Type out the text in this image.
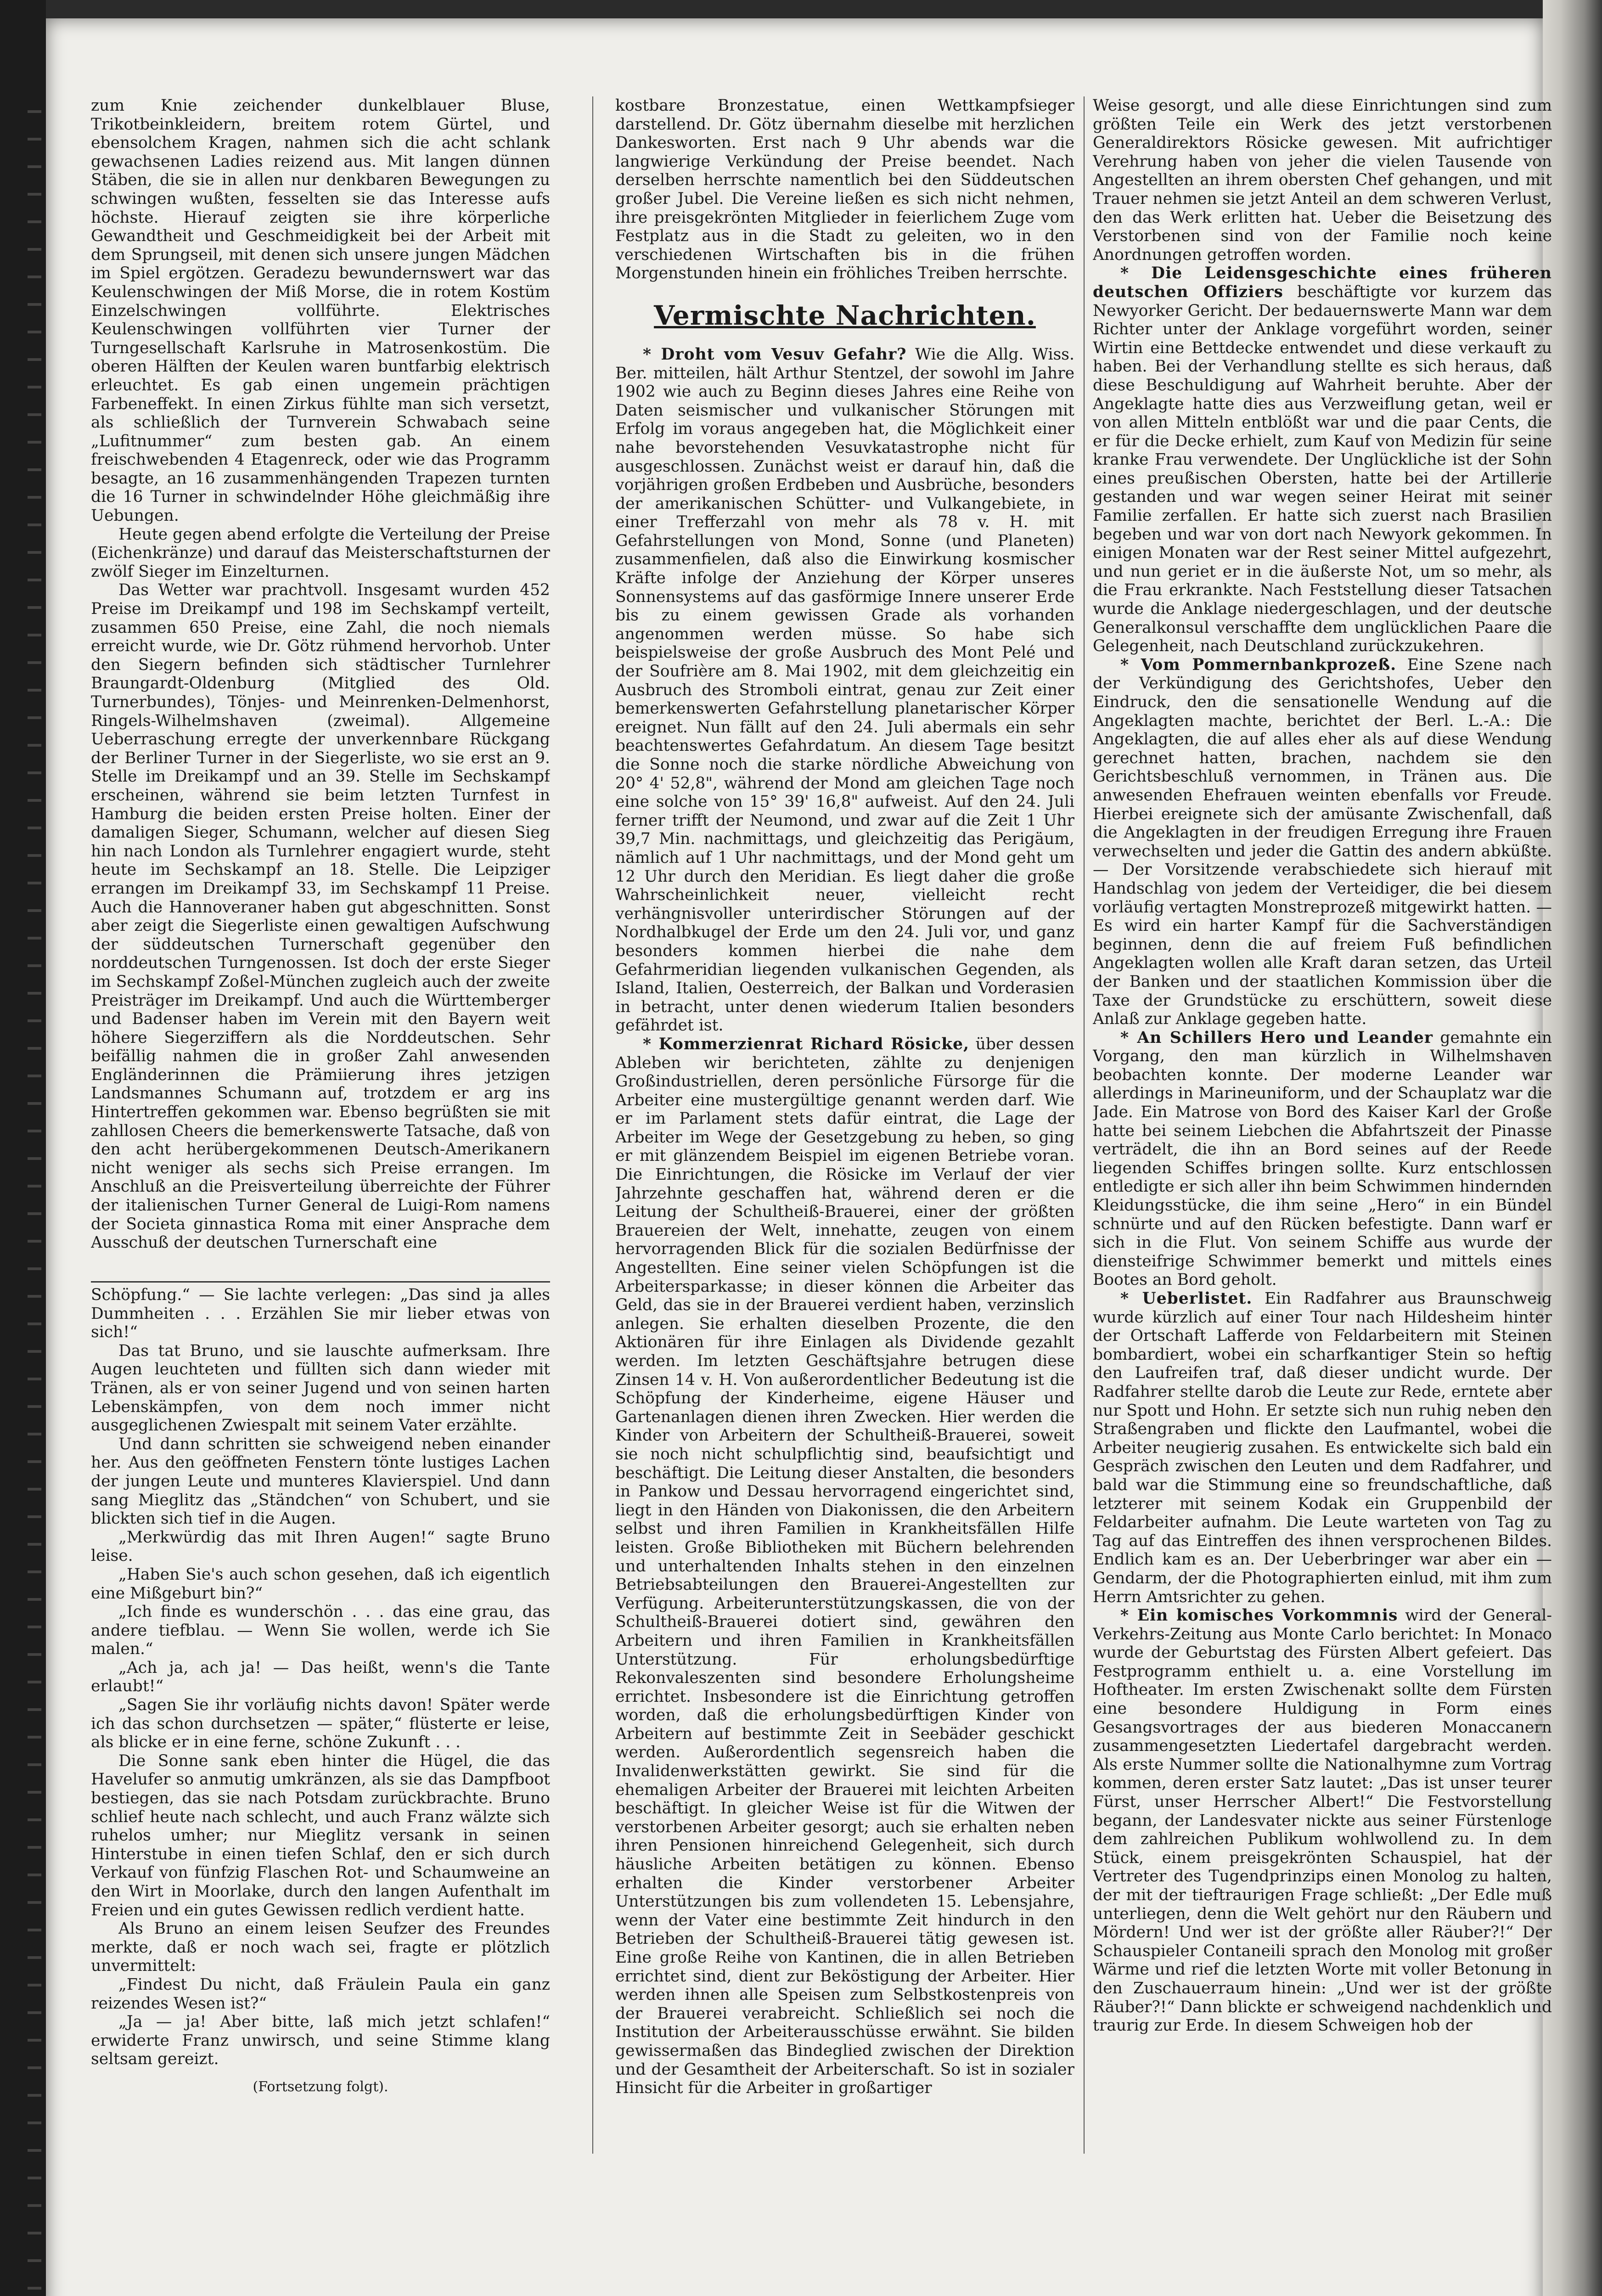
zum Knie zeichender dunkelblauer Bluse, Trikotbeinkleidern, breitem rotem Gürtel, und ebensolchem Kragen, nahmen sich die acht schlank gewachsenen Ladies reizend aus. Mit langen dünnen Stäben, die sie in allen nur denkbaren Bewegungen zu schwingen wußten, fesselten sie das Interesse aufs höchste. Hierauf zeigten sie ihre körperliche Gewandtheit und Geschmeidigkeit bei der Arbeit mit dem Sprungseil, mit denen sich unsere jungen Mädchen im Spiel ergötzen. Geradezu bewundernswert war das Keulenschwingen der Miß Morse, die in rotem Kostüm Einzelschwingen vollführte. Elektrisches Keulenschwingen vollführten vier Turner der Turngesellschaft Karlsruhe in Matrosenkostüm. Die oberen Hälften der Keulen waren buntfarbig elektrisch erleuchtet. Es gab einen ungemein prächtigen Farbeneffekt. In einen Zirkus fühlte man sich versetzt, als schließlich der Turnverein Schwabach seine „Lufitnummer“ zum besten gab. An einem freischwebenden 4 Etagenreck, oder wie das Programm besagte, an 16 zusammenhängenden Trapezen turnten die 16 Turner in schwindelnder Höhe gleichmäßig ihre Uebungen.

Heute gegen abend erfolgte die Verteilung der Preise (Eichenkränze) und darauf das Meisterschaftsturnen der zwölf Sieger im Einzelturnen.

Das Wetter war prachtvoll. Insgesamt wurden 452 Preise im Dreikampf und 198 im Sechskampf verteilt, zusammen 650 Preise, eine Zahl, die noch niemals erreicht wurde, wie Dr. Götz rühmend hervorhob. Unter den Siegern befinden sich städtischer Turnlehrer Braungardt-Oldenburg (Mitglied des Old. Turnerbundes), Tönjes- und Meinrenken-Delmenhorst, Ringels-Wilhelmshaven (zweimal). Allgemeine Ueberraschung erregte der unverkennbare Rückgang der Berliner Turner in der Siegerliste, wo sie erst an 9. Stelle im Dreikampf und an 39. Stelle im Sechskampf erscheinen, während sie beim letzten Turnfest in Hamburg die beiden ersten Preise holten. Einer der damaligen Sieger, Schumann, welcher auf diesen Sieg hin nach London als Turnlehrer engagiert wurde, steht heute im Sechskampf an 18. Stelle. Die Leipziger errangen im Dreikampf 33, im Sechskampf 11 Preise. Auch die Hannoveraner haben gut abgeschnitten. Sonst aber zeigt die Siegerliste einen gewaltigen Aufschwung der süddeutschen Turnerschaft gegenüber den norddeutschen Turngenossen. Ist doch der erste Sieger im Sechskampf Zoßel-München zugleich auch der zweite Preisträger im Dreikampf. Und auch die Württemberger und Badenser haben im Verein mit den Bayern weit höhere Siegerziffern als die Norddeutschen. Sehr beifällig nahmen die in großer Zahl anwesenden Engländerinnen die Prämiierung ihres jetzigen Landsmannes Schumann auf, trotzdem er arg ins Hintertreffen gekommen war. Ebenso begrüßten sie mit zahllosen Cheers die bemerkenswerte Tatsache, daß von den acht herübergekommenen Deutsch-Amerikanern nicht weniger als sechs sich Preise errangen. Im Anschluß an die Preisverteilung überreichte der Führer der italienischen Turner General de Luigi-Rom namens der Societa ginnastica Roma mit einer Ansprache dem Ausschuß der deutschen Turnerschaft eine

Schöpfung.“ — Sie lachte verlegen: „Das sind ja alles Dummheiten . . . Erzählen Sie mir lieber etwas von sich!“

Das tat Bruno, und sie lauschte aufmerksam. Ihre Augen leuchteten und füllten sich dann wieder mit Tränen, als er von seiner Jugend und von seinen harten Lebenskämpfen, von dem noch immer nicht ausgeglichenen Zwiespalt mit seinem Vater erzählte.

Und dann schritten sie schweigend neben einander her. Aus den geöffneten Fenstern tönte lustiges Lachen der jungen Leute und munteres Klavierspiel. Und dann sang Mieglitz das „Ständchen“ von Schubert, und sie blickten sich tief in die Augen.

„Merkwürdig das mit Ihren Augen!“ sagte Bruno leise.

„Haben Sie's auch schon gesehen, daß ich eigentlich eine Mißgeburt bin?“

„Ich finde es wunderschön . . . das eine grau, das andere tiefblau. — Wenn Sie wollen, werde ich Sie malen.“

„Ach ja, ach ja! — Das heißt, wenn's die Tante erlaubt!“

„Sagen Sie ihr vorläufig nichts davon! Später werde ich das schon durchsetzen — später,“ flüsterte er leise, als blicke er in eine ferne, schöne Zukunft . . .

Die Sonne sank eben hinter die Hügel, die das Havelufer so anmutig umkränzen, als sie das Dampfboot bestiegen, das sie nach Potsdam zurückbrachte. Bruno schlief heute nach schlecht, und auch Franz wälzte sich ruhelos umher; nur Mieglitz versank in seinen Hinterstube in einen tiefen Schlaf, den er sich durch Verkauf von fünfzig Flaschen Rot- und Schaumweine an den Wirt in Moorlake, durch den langen Aufenthalt im Freien und ein gutes Gewissen redlich verdient hatte.

Als Bruno an einem leisen Seufzer des Freundes merkte, daß er noch wach sei, fragte er plötzlich unvermittelt:

„Findest Du nicht, daß Fräulein Paula ein ganz reizendes Wesen ist?“

„Ja — ja! Aber bitte, laß mich jetzt schlafen!“ erwiderte Franz unwirsch, und seine Stimme klang seltsam gereizt.

(Fortsetzung folgt).

kostbare Bronzestatue, einen Wettkampfsieger darstellend. Dr. Götz übernahm dieselbe mit herzlichen Dankesworten. Erst nach 9 Uhr abends war die langwierige Verkündung der Preise beendet. Nach derselben herrschte namentlich bei den Süddeutschen großer Jubel. Die Vereine ließen es sich nicht nehmen, ihre preisgekrönten Mitglieder in feierlichem Zuge vom Festplatz aus in die Stadt zu geleiten, wo in den verschiedenen Wirtschaften bis in die frühen Morgenstunden hinein ein fröhliches Treiben herrschte.

Vermischte Nachrichten.

* Droht vom Vesuv Gefahr? Wie die Allg. Wiss. Ber. mitteilen, hält Arthur Stentzel, der sowohl im Jahre 1902 wie auch zu Beginn dieses Jahres eine Reihe von Daten seismischer und vulkanischer Störungen mit Erfolg im voraus angegeben hat, die Möglichkeit einer nahe bevorstehenden Vesuvkatastrophe nicht für ausgeschlossen. Zunächst weist er darauf hin, daß die vorjährigen großen Erdbeben und Ausbrüche, besonders der amerikanischen Schütter- und Vulkangebiete, in einer Trefferzahl von mehr als 78 v. H. mit Gefahrstellungen von Mond, Sonne (und Planeten) zusammenfielen, daß also die Einwirkung kosmischer Kräfte infolge der Anziehung der Körper unseres Sonnensystems auf das gasförmige Innere unserer Erde bis zu einem gewissen Grade als vorhanden angenommen werden müsse. So habe sich beispielsweise der große Ausbruch des Mont Pelé und der Soufrière am 8. Mai 1902, mit dem gleichzeitig ein Ausbruch des Stromboli eintrat, genau zur Zeit einer bemerkenswerten Gefahrstellung planetarischer Körper ereignet. Nun fällt auf den 24. Juli abermals ein sehr beachtenswertes Gefahrdatum. An diesem Tage besitzt die Sonne noch die starke nördliche Abweichung von 20° 4' 52,8", während der Mond am gleichen Tage noch eine solche von 15° 39' 16,8" aufweist. Auf den 24. Juli ferner trifft der Neumond, und zwar auf die Zeit 1 Uhr 39,7 Min. nachmittags, und gleichzeitig das Perigäum, nämlich auf 1 Uhr nachmittags, und der Mond geht um 12 Uhr durch den Meridian. Es liegt daher die große Wahrscheinlichkeit neuer, vielleicht recht verhängnisvoller unterirdischer Störungen auf der Nordhalbkugel der Erde um den 24. Juli vor, und ganz besonders kommen hierbei die nahe dem Gefahrmeridian liegenden vulkanischen Gegenden, als Island, Italien, Oesterreich, der Balkan und Vorderasien in betracht, unter denen wiederum Italien besonders gefährdet ist.

* Kommerzienrat Richard Rösicke, über dessen Ableben wir berichteten, zählte zu denjenigen Großindustriellen, deren persönliche Fürsorge für die Arbeiter eine mustergültige genannt werden darf. Wie er im Parlament stets dafür eintrat, die Lage der Arbeiter im Wege der Gesetzgebung zu heben, so ging er mit glänzendem Beispiel im eigenen Betriebe voran. Die Einrichtungen, die Rösicke im Verlauf der vier Jahrzehnte geschaffen hat, während deren er die Leitung der Schultheiß-Brauerei, einer der größten Brauereien der Welt, innehatte, zeugen von einem hervorragenden Blick für die sozialen Bedürfnisse der Angestellten. Eine seiner vielen Schöpfungen ist die Arbeitersparkasse; in dieser können die Arbeiter das Geld, das sie in der Brauerei verdient haben, verzinslich anlegen. Sie erhalten dieselben Prozente, die den Aktionären für ihre Einlagen als Dividende gezahlt werden. Im letzten Geschäftsjahre betrugen diese Zinsen 14 v. H. Von außerordentlicher Bedeutung ist die Schöpfung der Kinderheime, eigene Häuser und Gartenanlagen dienen ihren Zwecken. Hier werden die Kinder von Arbeitern der Schultheiß-Brauerei, soweit sie noch nicht schulpflichtig sind, beaufsichtigt und beschäftigt. Die Leitung dieser Anstalten, die besonders in Pankow und Dessau hervorragend eingerichtet sind, liegt in den Händen von Diakonissen, die den Arbeitern selbst und ihren Familien in Krankheitsfällen Hilfe leisten. Große Bibliotheken mit Büchern belehrenden und unterhaltenden Inhalts stehen in den einzelnen Betriebsabteilungen den Brauerei-Angestellten zur Verfügung. Arbeiterunterstützungskassen, die von der Schultheiß-Brauerei dotiert sind, gewähren den Arbeitern und ihren Familien in Krankheitsfällen Unterstützung. Für erholungsbedürftige Rekonvaleszenten sind besondere Erholungsheime errichtet. Insbesondere ist die Einrichtung getroffen worden, daß die erholungsbedürftigen Kinder von Arbeitern auf bestimmte Zeit in Seebäder geschickt werden. Außerordentlich segensreich haben die Invalidenwerkstätten gewirkt. Sie sind für die ehemaligen Arbeiter der Brauerei mit leichten Arbeiten beschäftigt. In gleicher Weise ist für die Witwen der verstorbenen Arbeiter gesorgt; auch sie erhalten neben ihren Pensionen hinreichend Gelegenheit, sich durch häusliche Arbeiten betätigen zu können. Ebenso erhalten die Kinder verstorbener Arbeiter Unterstützungen bis zum vollendeten 15. Lebensjahre, wenn der Vater eine bestimmte Zeit hindurch in den Betrieben der Schultheiß-Brauerei tätig gewesen ist. Eine große Reihe von Kantinen, die in allen Betrieben errichtet sind, dient zur Beköstigung der Arbeiter. Hier werden ihnen alle Speisen zum Selbstkostenpreis von der Brauerei verabreicht. Schließlich sei noch die Institution der Arbeiterausschüsse erwähnt. Sie bilden gewissermaßen das Bindeglied zwischen der Direktion und der Gesamtheit der Arbeiterschaft. So ist in sozialer Hinsicht für die Arbeiter in großartiger

Weise gesorgt, und alle diese Einrichtungen sind zum größten Teile ein Werk des jetzt verstorbenen Generaldirektors Rösicke gewesen. Mit aufrichtiger Verehrung haben von jeher die vielen Tausende von Angestellten an ihrem obersten Chef gehangen, und mit Trauer nehmen sie jetzt Anteil an dem schweren Verlust, den das Werk erlitten hat. Ueber die Beisetzung des Verstorbenen sind von der Familie noch keine Anordnungen getroffen worden.

* Die Leidensgeschichte eines früheren deutschen Offiziers beschäftigte vor kurzem das Newyorker Gericht. Der bedauernswerte Mann war dem Richter unter der Anklage vorgeführt worden, seiner Wirtin eine Bettdecke entwendet und diese verkauft zu haben. Bei der Verhandlung stellte es sich heraus, daß diese Beschuldigung auf Wahrheit beruhte. Aber der Angeklagte hatte dies aus Verzweiflung getan, weil er von allen Mitteln entblößt war und die paar Cents, die er für die Decke erhielt, zum Kauf von Medizin für seine kranke Frau verwendete. Der Unglückliche ist der Sohn eines preußischen Obersten, hatte bei der Artillerie gestanden und war wegen seiner Heirat mit seiner Familie zerfallen. Er hatte sich zuerst nach Brasilien begeben und war von dort nach Newyork gekommen. In einigen Monaten war der Rest seiner Mittel aufgezehrt, und nun geriet er in die äußerste Not, um so mehr, als die Frau erkrankte. Nach Feststellung dieser Tatsachen wurde die Anklage niedergeschlagen, und der deutsche Generalkonsul verschaffte dem unglücklichen Paare die Gelegenheit, nach Deutschland zurückzukehren.

* Vom Pommernbankprozeß. Eine Szene nach der Verkündigung des Gerichtshofes, Ueber den Eindruck, den die sensationelle Wendung auf die Angeklagten machte, berichtet der Berl. L.-A.: Die Angeklagten, die auf alles eher als auf diese Wendung gerechnet hatten, brachen, nachdem sie den Gerichtsbeschluß vernommen, in Tränen aus. Die anwesenden Ehefrauen weinten ebenfalls vor Freude. Hierbei ereignete sich der amüsante Zwischenfall, daß die Angeklagten in der freudigen Erregung ihre Frauen verwechselten und jeder die Gattin des andern abküßte. — Der Vorsitzende verabschiedete sich hierauf mit Handschlag von jedem der Verteidiger, die bei diesem vorläufig vertagten Monstreprozeß mitgewirkt hatten. — Es wird ein harter Kampf für die Sachverständigen beginnen, denn die auf freiem Fuß befindlichen Angeklagten wollen alle Kraft daran setzen, das Urteil der Banken und der staatlichen Kommission über die Taxe der Grundstücke zu erschüttern, soweit diese Anlaß zur Anklage gegeben hatte.

* An Schillers Hero und Leander gemahnte ein Vorgang, den man kürzlich in Wilhelmshaven beobachten konnte. Der moderne Leander war allerdings in Marineuniform, und der Schauplatz war die Jade. Ein Matrose von Bord des Kaiser Karl der Große hatte bei seinem Liebchen die Abfahrtszeit der Pinasse verträdelt, die ihn an Bord seines auf der Reede liegenden Schiffes bringen sollte. Kurz entschlossen entledigte er sich aller ihn beim Schwimmen hindernden Kleidungsstücke, die ihm seine „Hero“ in ein Bündel schnürte und auf den Rücken befestigte. Dann warf er sich in die Flut. Von seinem Schiffe aus wurde der diensteifrige Schwimmer bemerkt und mittels eines Bootes an Bord geholt.

* Ueberlistet. Ein Radfahrer aus Braunschweig wurde kürzlich auf einer Tour nach Hildesheim hinter der Ortschaft Lafferde von Feldarbeitern mit Steinen bombardiert, wobei ein scharfkantiger Stein so heftig den Laufreifen traf, daß dieser undicht wurde. Der Radfahrer stellte darob die Leute zur Rede, erntete aber nur Spott und Hohn. Er setzte sich nun ruhig neben den Straßengraben und flickte den Laufmantel, wobei die Arbeiter neugierig zusahen. Es entwickelte sich bald ein Gespräch zwischen den Leuten und dem Radfahrer, und bald war die Stimmung eine so freundschaftliche, daß letzterer mit seinem Kodak ein Gruppenbild der Feldarbeiter aufnahm. Die Leute warteten von Tag zu Tag auf das Eintreffen des ihnen versprochenen Bildes. Endlich kam es an. Der Ueberbringer war aber ein — Gendarm, der die Photographierten einlud, mit ihm zum Herrn Amtsrichter zu gehen.

* Ein komisches Vorkommnis wird der General-Verkehrs-Zeitung aus Monte Carlo berichtet: In Monaco wurde der Geburtstag des Fürsten Albert gefeiert. Das Festprogramm enthielt u. a. eine Vorstellung im Hoftheater. Im ersten Zwischenakt sollte dem Fürsten eine besondere Huldigung in Form eines Gesangsvortrages der aus biederen Monaccanern zusammengesetzten Liedertafel dargebracht werden. Als erste Nummer sollte die Nationalhymne zum Vortrag kommen, deren erster Satz lautet: „Das ist unser teurer Fürst, unser Herrscher Albert!“ Die Festvorstellung begann, der Landesvater nickte aus seiner Fürstenloge dem zahlreichen Publikum wohlwollend zu. In dem Stück, einem preisgekrönten Schauspiel, hat der Vertreter des Tugendprinzips einen Monolog zu halten, der mit der tieftraurigen Frage schließt: „Der Edle muß unterliegen, denn die Welt gehört nur den Räubern und Mördern! Und wer ist der größte aller Räuber?!“ Der Schauspieler Contaneili sprach den Monolog mit großer Wärme und rief die letzten Worte mit voller Betonung in den Zuschauerraum hinein: „Und wer ist der größte Räuber?!“ Dann blickte er schweigend nachdenklich und traurig zur Erde. In diesem Schweigen hob der
